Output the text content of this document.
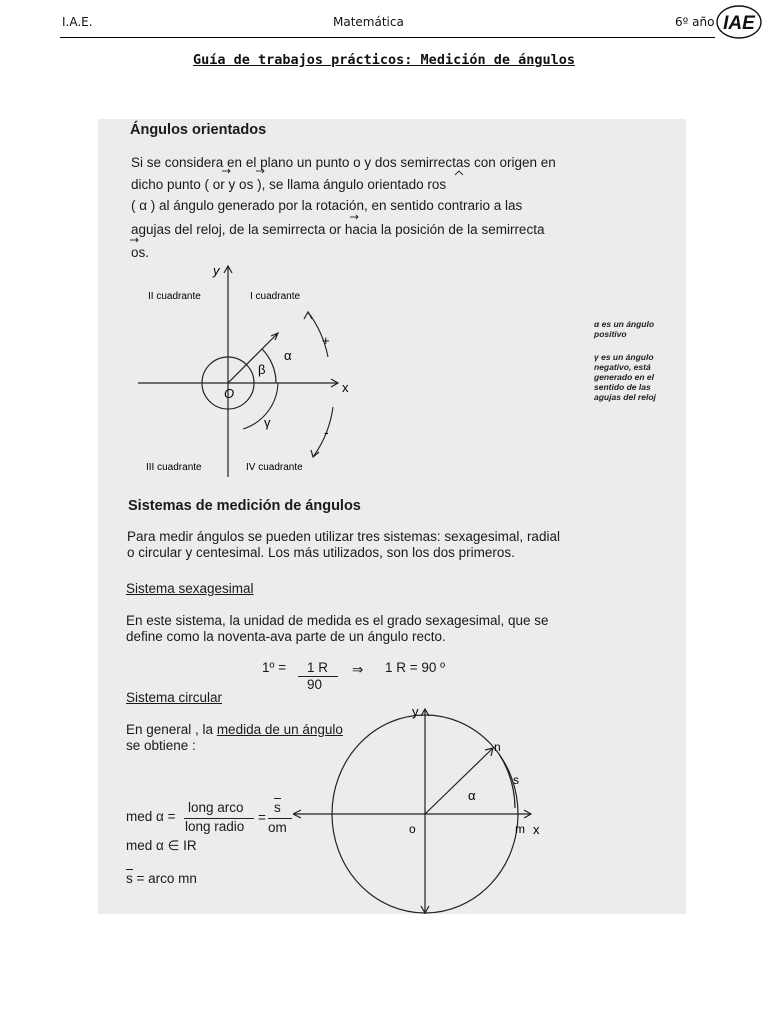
I.A.E.	Matemática	6º año IAE
Guía de trabajos prácticos: Medición de ángulos
Ángulos orientados
Si se considera en el plano un punto o y dos semirrectas con origen en
dicho punto ( or y os ), se llama ángulo orientado ros
( α ) al ángulo generado por la rotación, en sentido contrario a las
agujas del reloj, de la semirrecta or hacia la posición de la semirrecta
os.
y
x
O
II cuadrante	I cuadrante
III cuadrante	IV cuadrante
α
β
γ
+
-
α es un ángulo
positivo
γ es un ángulo
negativo, está
generado en el
sentido de las
agujas del reloj
Sistemas de medición de ángulos
Para medir ángulos se pueden utilizar tres sistemas: sexagesimal, radial
o circular y centesimal. Los más utilizados, son los dos primeros.
Sistema sexagesimal
En este sistema, la unidad de medida es el grado sexagesimal, que se
define como la noventa-ava parte de un ángulo recto.
1º = 1 R
90
⇒ 1 R = 90 º
Sistema circular
En general , la medida de un ángulo
se obtiene :
med α =
long arco
long radio
=
s
om
med α ∈ IR
s = arco mn
y
x
o	m
n
s
α
